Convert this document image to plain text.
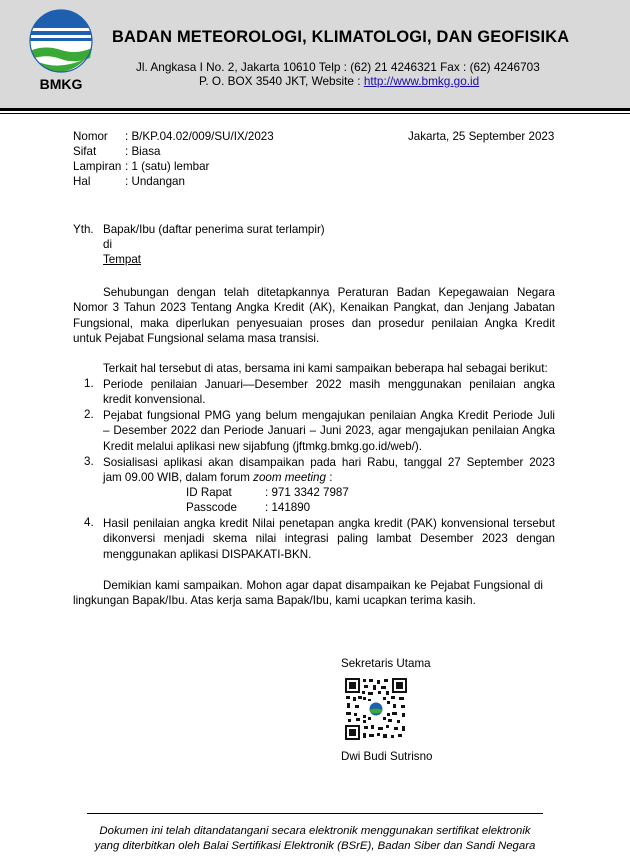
BMKG
BADAN METEOROLOGI, KLIMATOLOGI, DAN GEOFISIKA
Jl. Angkasa I No. 2, Jakarta 10610 Telp : (62) 21 4246321 Fax : (62) 4246703
P. O. BOX 3540 JKT, Website : http://www.bmkg.go.id
Nomor : B/KP.04.02/009/SU/IX/2023
Sifat : Biasa
Lampiran : 1 (satu) lembar
Hal	: Undangan
Jakarta, 25 September 2023
Yth. Bapak/Ibu (daftar penerima surat terlampir)
di
Tempat
Sehubungan dengan telah ditetapkannya Peraturan Badan Kepegawaian Negara
Nomor 3 Tahun 2023 Tentang Angka Kredit (AK), Kenaikan Pangkat, dan Jenjang Jabatan
Fungsional, maka diperlukan penyesuaian proses dan prosedur penilaian Angka Kredit
untuk Pejabat Fungsional selama masa transisi.
Terkait hal tersebut di atas, bersama ini kami sampaikan beberapa hal sebagai berikut:
1. Periode penilaian Januari—Desember 2022 masih menggunakan penilaian angka
kredit konvensional.
2. Pejabat fungsional PMG yang belum mengajukan penilaian Angka Kredit Periode Juli
– Desember 2022 dan Periode Januari – Juni 2023, agar mengajukan penilaian Angka
Kredit melalui aplikasi new sijabfung (jftmkg.bmkg.go.id/web/).
3. Sosialisasi aplikasi akan disampaikan pada hari Rabu, tanggal 27 September 2023
jam 09.00 WIB, dalam forum zoom meeting :
ID Rapat	: 971 3342 7987
Passcode : 141890
4. Hasil penilaian angka kredit Nilai penetapan angka kredit (PAK) konvensional tersebut
dikonversi menjadi skema nilai integrasi paling lambat Desember 2023 dengan
menggunakan aplikasi DISPAKATI-BKN.
Demikian kami sampaikan. Mohon agar dapat disampaikan ke Pejabat Fungsional di
lingkungan Bapak/Ibu. Atas kerja sama Bapak/Ibu, kami ucapkan terima kasih.
Sekretaris Utama
Dwi Budi Sutrisno
Dokumen ini telah ditandatangani secara elektronik menggunakan sertifikat elektronik
yang diterbitkan oleh Balai Sertifikasi Elektronik (BSrE), Badan Siber dan Sandi Negara
